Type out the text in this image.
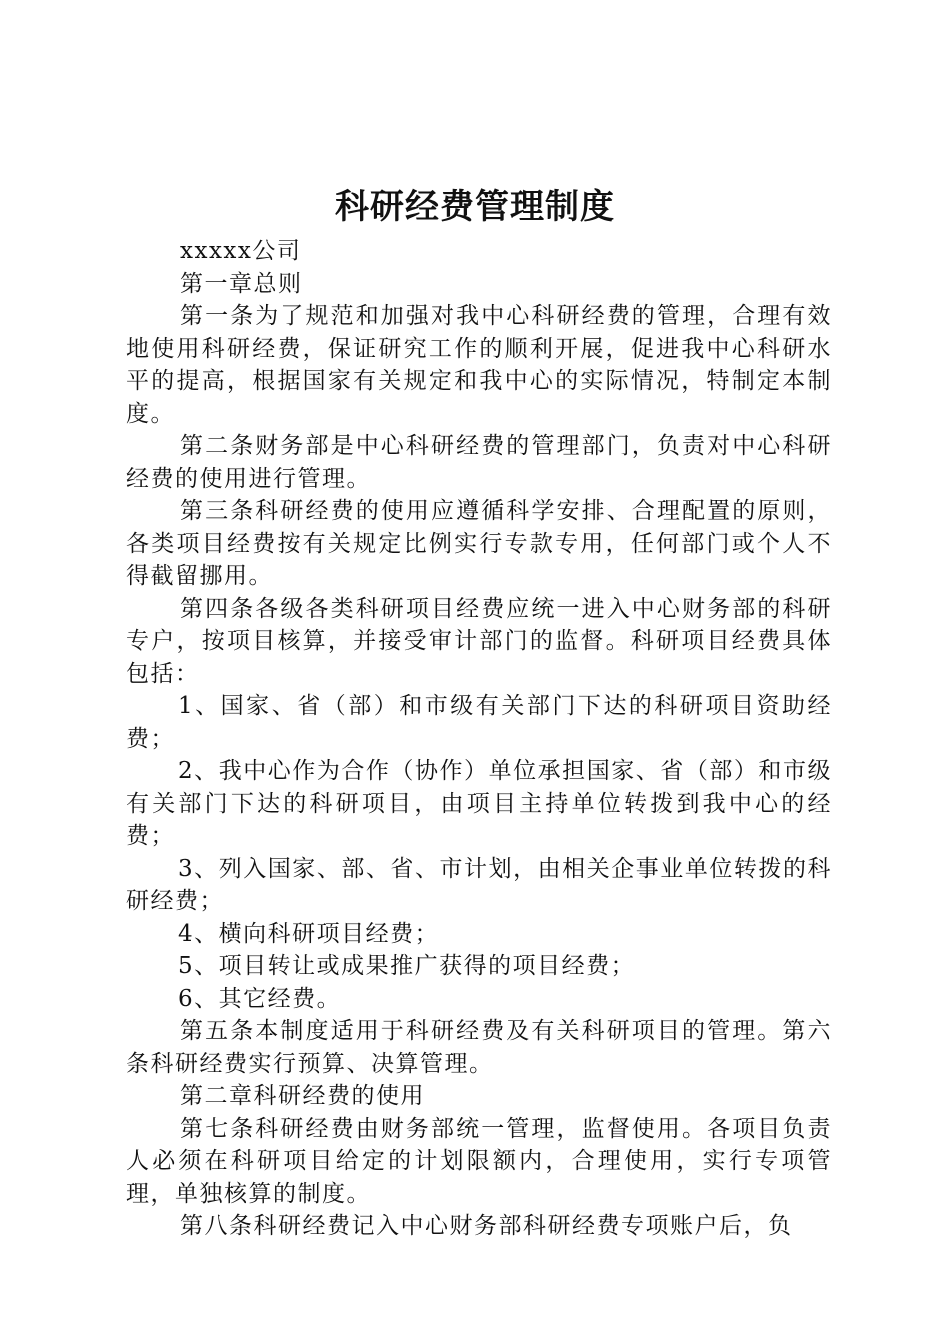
科研经费管理制度

xxxxx公司

第一章总则

第一条为了规范和加强对我中心科研经费的管理，合理有效地使用科研经费，保证研究工作的顺利开展，促进我中心科研水平的提高，根据国家有关规定和我中心的实际情况，特制定本制度。

第二条财务部是中心科研经费的管理部门，负责对中心科研经费的使用进行管理。

第三条科研经费的使用应遵循科学安排、合理配置的原则，各类项目经费按有关规定比例实行专款专用，任何部门或个人不得截留挪用。

第四条各级各类科研项目经费应统一进入中心财务部的科研专户，按项目核算，并接受审计部门的监督。科研项目经费具体包括：

1、国家、省（部）和市级有关部门下达的科研项目资助经费；

2、我中心作为合作（协作）单位承担国家、省（部）和市级有关部门下达的科研项目，由项目主持单位转拨到我中心的经费；

3、列入国家、部、省、市计划，由相关企事业单位转拨的科研经费；

4、横向科研项目经费；

5、项目转让或成果推广获得的项目经费；

6、其它经费。

第五条本制度适用于科研经费及有关科研项目的管理。第六条科研经费实行预算、决算管理。

第二章科研经费的使用

第七条科研经费由财务部统一管理，监督使用。各项目负责人必须在科研项目给定的计划限额内，合理使用，实行专项管理，单独核算的制度。

第八条科研经费记入中心财务部科研经费专项账户后，负
